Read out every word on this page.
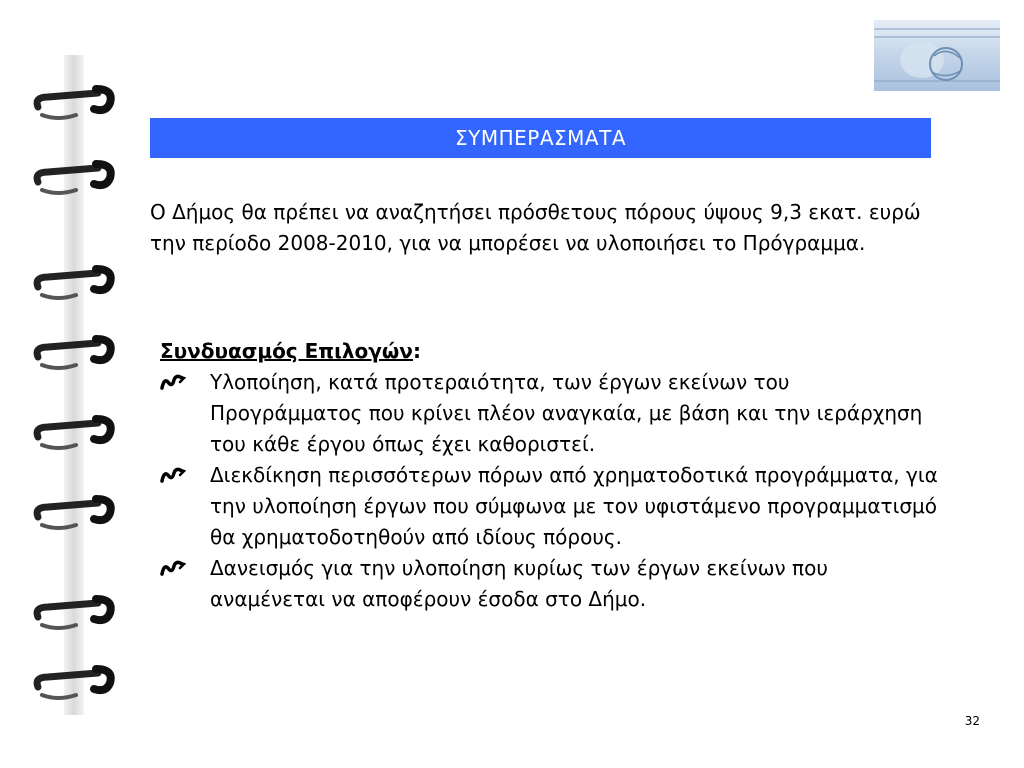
ΣΥΜΠΕΡΑΣΜΑΤΑ
Ο Δήμος θα πρέπει να αναζητήσει πρόσθετους πόρους ύψους 9,3 εκατ. ευρώ την περίοδο 2008-2010, για να μπορέσει να υλοποιήσει το Πρόγραμμα.
Συνδυασμός Επιλογών:
Υλοποίηση, κατά προτεραιότητα, των έργων εκείνων του Προγράμματος που κρίνει πλέον αναγκαία, με βάση και την ιεράρχηση του κάθε έργου όπως έχει καθοριστεί.
Διεκδίκηση περισσότερων πόρων από χρηματοδοτικά προγράμματα, για την υλοποίηση έργων που σύμφωνα με τον υφιστάμενο προγραμματισμό θα χρηματοδοτηθούν από ιδίους πόρους.
Δανεισμός για την υλοποίηση κυρίως των έργων εκείνων που αναμένεται να αποφέρουν έσοδα στο Δήμο.
32
